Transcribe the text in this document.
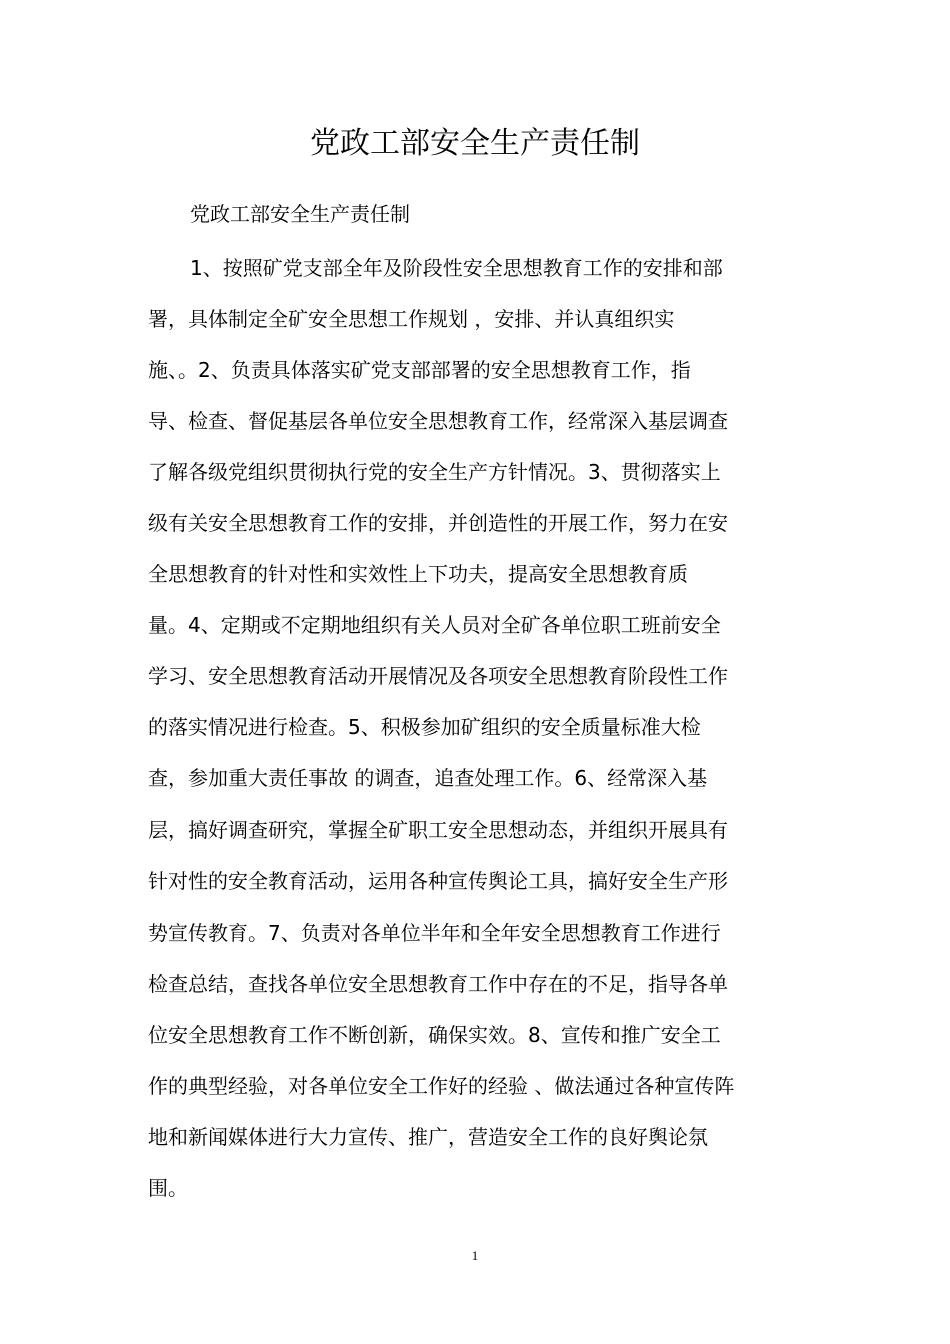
党政工部安全生产责任制
党政工部安全生产责任制
1、按照矿党支部全年及阶段性安全思想教育工作的安排和部
署，具体制定全矿安全思想工作规划 ，安排、并认真组织实
施、。2、负责具体落实矿党支部部署的安全思想教育工作，指
导、检查、督促基层各单位安全思想教育工作，经常深入基层调查
了解各级党组织贯彻执行党的安全生产方针情况。3、贯彻落实上
级有关安全思想教育工作的安排，并创造性的开展工作，努力在安
全思想教育的针对性和实效性上下功夫，提高安全思想教育质
量。4、定期或不定期地组织有关人员对全矿各单位职工班前安全
学习、安全思想教育活动开展情况及各项安全思想教育阶段性工作
的落实情况进行检查。5、积极参加矿组织的安全质量标准大检
查，参加重大责任事故 的调查，追查处理工作。6、经常深入基
层，搞好调查研究，掌握全矿职工安全思想动态，并组织开展具有
针对性的安全教育活动，运用各种宣传舆论工具，搞好安全生产形
势宣传教育。7、负责对各单位半年和全年安全思想教育工作进行
检查总结，查找各单位安全思想教育工作中存在的不足，指导各单
位安全思想教育工作不断创新，确保实效。8、宣传和推广安全工
作的典型经验，对各单位安全工作好的经验 、做法通过各种宣传阵
地和新闻媒体进行大力宣传、推广，营造安全工作的良好舆论氛
围。
1
